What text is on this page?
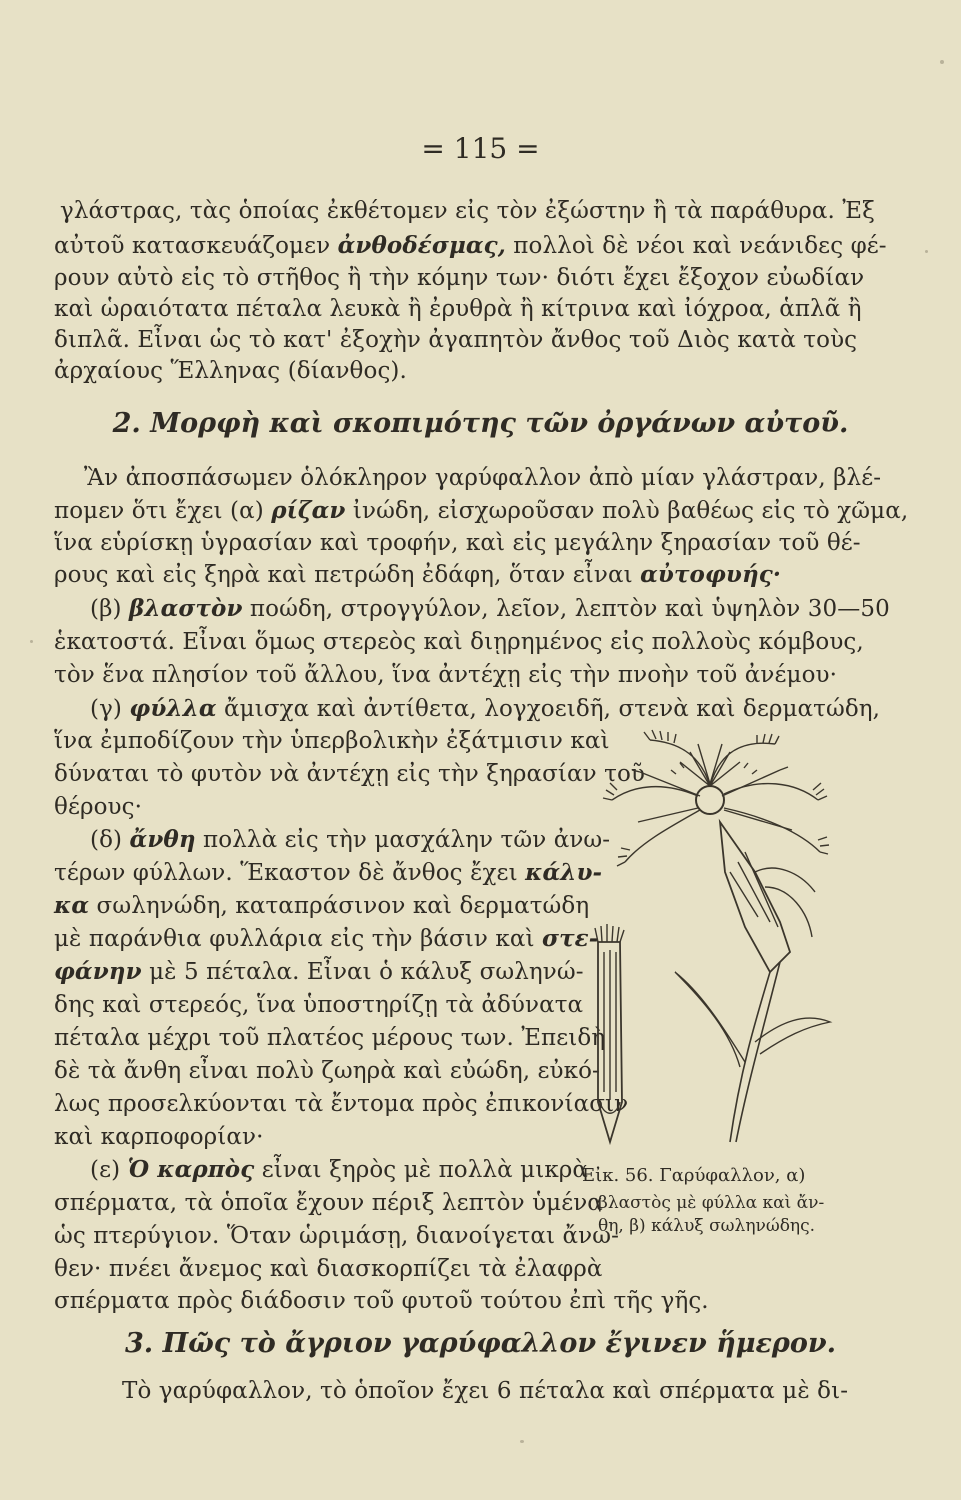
= 115 =
γλάστρας, τὰς ὁποίας ἐκθέτομεν εἰς τὸν ἐξώστην ἢ τὰ παράθυρα. Ἐξ
αὐτοῦ κατασκευάζομεν ἀνθοδέσμας, πολλοὶ δὲ νέοι καὶ νεάνιδες φέ-
ρουν αὐτὸ εἰς τὸ στῆθος ἢ τὴν κόμην των· διότι ἔχει ἔξοχον εὐωδίαν
καὶ ὡραιότατα πέταλα λευκὰ ἢ ἐρυθρὰ ἢ κίτρινα καὶ ἰόχροα, ἁπλᾶ ἢ
διπλᾶ. Εἶναι ὡς τὸ κατ' ἐξοχὴν ἀγαπητὸν ἄνθος τοῦ Διὸς κατὰ τοὺς
ἀρχαίους Ἕλληνας (δίανθος).
2. Μορφὴ καὶ σκοπιμότης τῶν ὀργάνων αὐτοῦ.
Ἂν ἀποσπάσωμεν ὁλόκληρον γαρύφαλλον ἀπὸ μίαν γλάστραν, βλέ-
πομεν ὅτι ἔχει (α) ρίζαν ἰνώδη, εἰσχωροῦσαν πολὺ βαθέως εἰς τὸ χῶμα,
ἵνα εὑρίσκῃ ὑγρασίαν καὶ τροφήν, καὶ εἰς μεγάλην ξηρασίαν τοῦ θέ-
ρους καὶ εἰς ξηρὰ καὶ πετρώδη ἐδάφη, ὅταν εἶναι αὐτοφυής·
(β) βλαστὸν ποώδη, στρογγύλον, λεῖον, λεπτὸν καὶ ὑψηλὸν 30—50
ἑκατοστά. Εἶναι ὅμως στερεὸς καὶ διῃρημένος εἰς πολλοὺς κόμβους,
τὸν ἕνα πλησίον τοῦ ἄλλου, ἵνα ἀντέχῃ εἰς τὴν πνοὴν τοῦ ἀνέμου·
(γ) φύλλα ἄμισχα καὶ ἀντίθετα, λογχοειδῆ, στενὰ καὶ δερματώδη,
ἵνα ἐμποδίζουν τὴν ὑπερβολικὴν ἐξάτμισιν καὶ
δύναται τὸ φυτὸν νὰ ἀντέχῃ εἰς τὴν ξηρασίαν τοῦ
θέρους·
(δ) ἄνθη πολλὰ εἰς τὴν μασχάλην τῶν ἀνω-
τέρων φύλλων. Ἕκαστον δὲ ἄνθος ἔχει κάλυ-
κα σωληνώδη, καταπράσινον καὶ δερματώδη
μὲ παράνθια φυλλάρια εἰς τὴν βάσιν καὶ στε-
φάνην μὲ 5 πέταλα. Εἶναι ὁ κάλυξ σωληνώ-
δης καὶ στερεός, ἵνα ὑποστηρίζῃ τὰ ἀδύνατα
πέταλα μέχρι τοῦ πλατέος μέρους των. Ἐπειδὴ
δὲ τὰ ἄνθη εἶναι πολὺ ζωηρὰ καὶ εὐώδη, εὐκό-
λως προσελκύονται τὰ ἔντομα πρὸς ἐπικονίασιν
καὶ καρποφορίαν·
(ε) Ὁ καρπὸς εἶναι ξηρὸς μὲ πολλὰ μικρὰ
σπέρματα, τὰ ὁποῖα ἔχουν πέριξ λεπτὸν ὑμένα
ὡς πτερύγιον. Ὅταν ὡριμάσῃ, διανοίγεται ἄνω-
θεν· πνέει ἄνεμος καὶ διασκορπίζει τὰ ἐλαφρὰ
σπέρματα πρὸς διάδοσιν τοῦ φυτοῦ τούτου ἐπὶ τῆς γῆς.
Εἰκ. 56. Γαρύφαλλον, α)
βλαστὸς μὲ φύλλα καὶ ἄν-
θη, β) κάλυξ σωληνώδης.
3. Πῶς τὸ ἄγριον γαρύφαλλον ἔγινεν ἥμερον.
Τὸ γαρύφαλλον, τὸ ὁποῖον ἔχει 6 πέταλα καὶ σπέρματα μὲ δι-
